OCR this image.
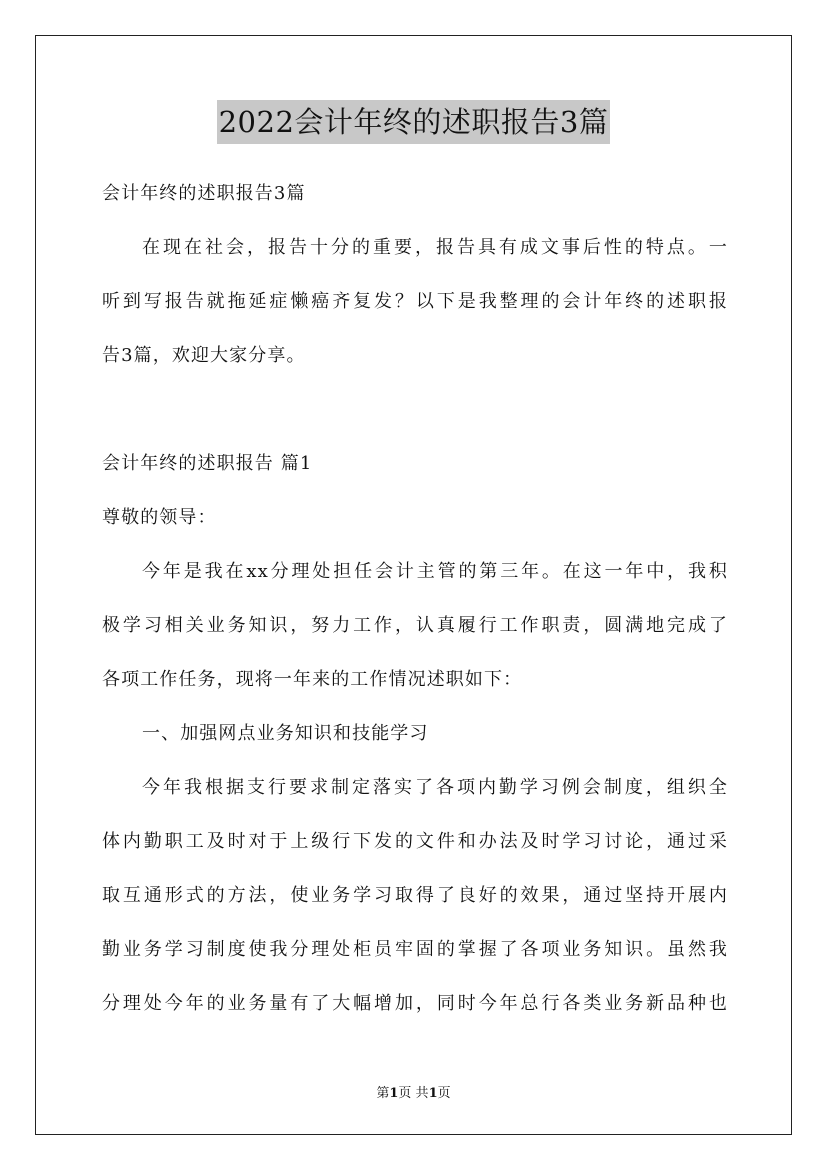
2022会计年终的述职报告3篇
会计年终的述职报告3篇
在现在社会，报告十分的重要，报告具有成文事后性的特点。一
听到写报告就拖延症懒癌齐复发？以下是我整理的会计年终的述职报
告3篇，欢迎大家分享。
会计年终的述职报告 篇1
尊敬的领导：
今年是我在xx分理处担任会计主管的第三年。在这一年中，我积
极学习相关业务知识，努力工作，认真履行工作职责，圆满地完成了
各项工作任务，现将一年来的工作情况述职如下：
一、加强网点业务知识和技能学习
今年我根据支行要求制定落实了各项内勤学习例会制度，组织全
体内勤职工及时对于上级行下发的文件和办法及时学习讨论，通过采
取互通形式的方法，使业务学习取得了良好的效果，通过坚持开展内
勤业务学习制度使我分理处柜员牢固的掌握了各项业务知识。虽然我
分理处今年的业务量有了大幅增加，同时今年总行各类业务新品种也
第1页 共1页
